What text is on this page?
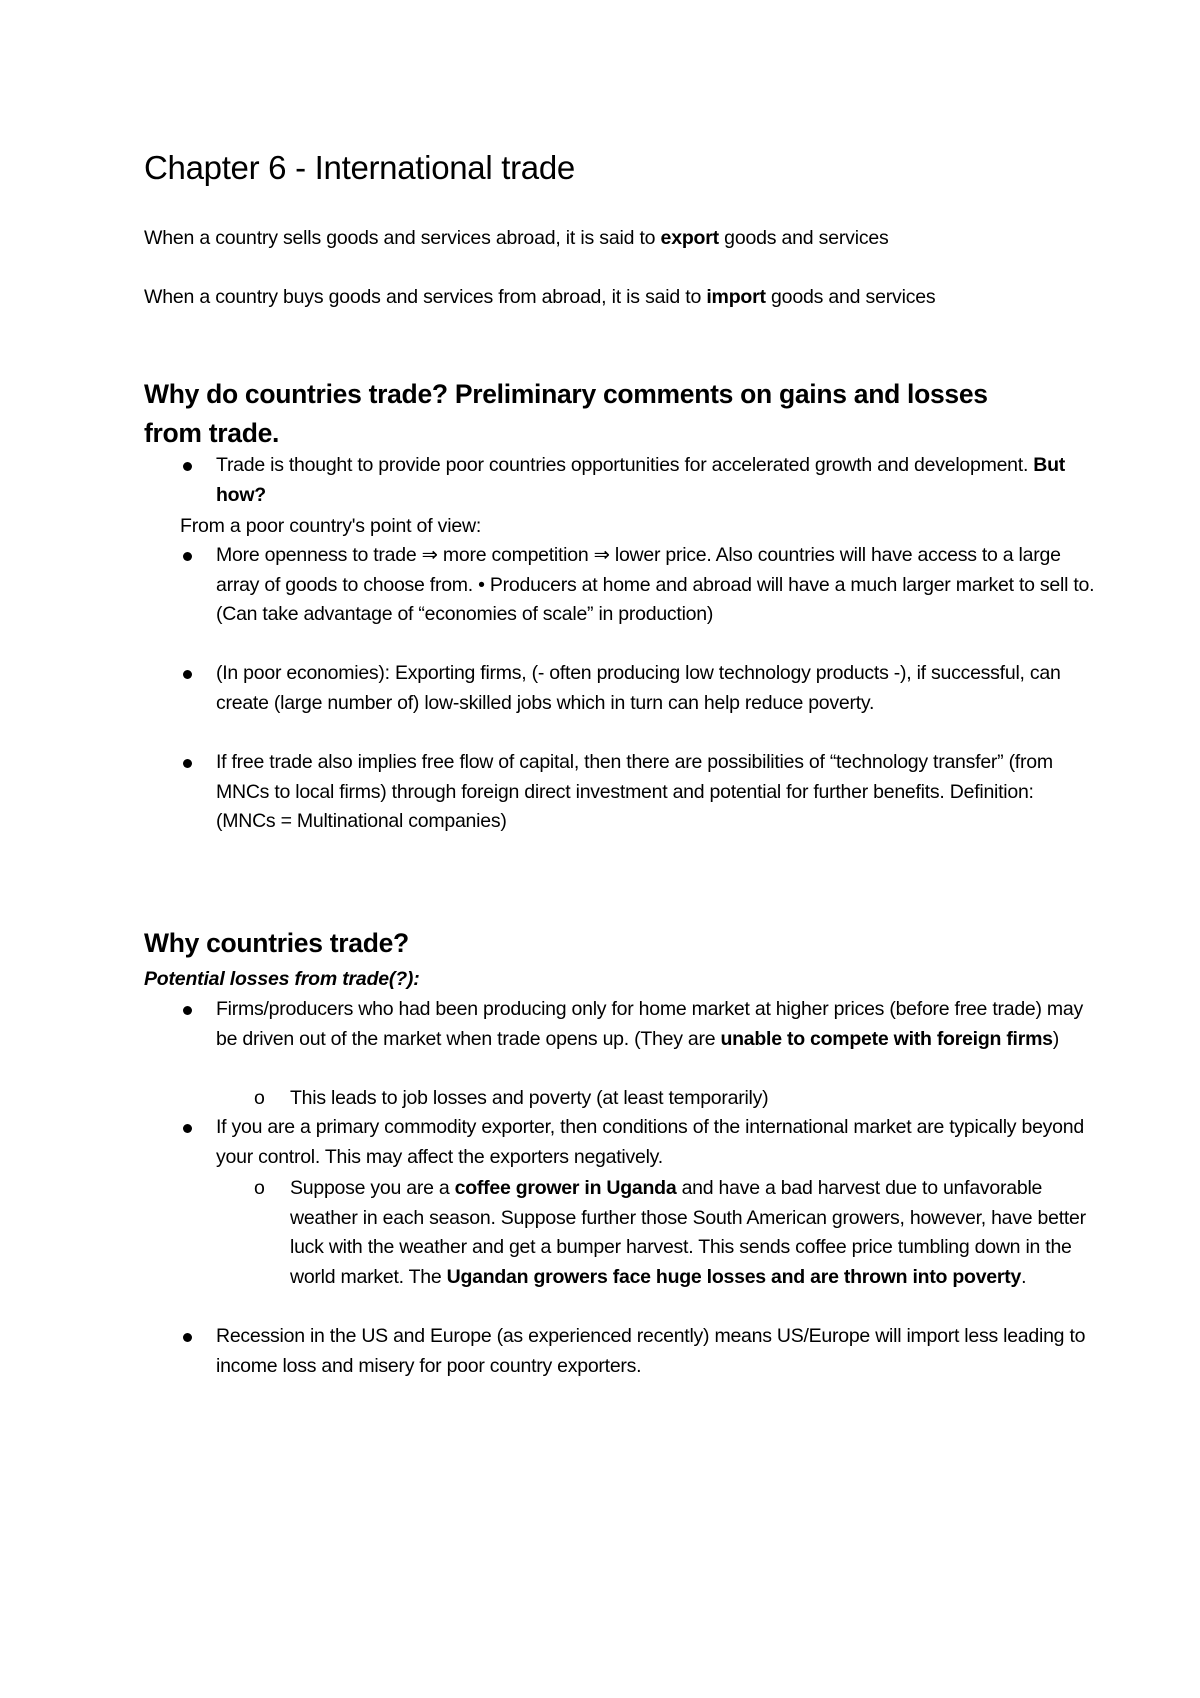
Chapter 6 - International trade

When a country sells goods and services abroad, it is said to export goods and services

When a country buys goods and services from abroad, it is said to import goods and services

Why do countries trade? Preliminary comments on gains and losses
from trade.

Trade is thought to provide poor countries opportunities for accelerated growth and development. But how?

From a poor country's point of view:

More openness to trade ⇒ more competition ⇒ lower price. Also countries will have access to a large array of goods to choose from. • Producers at home and abroad will have a much larger market to sell to. (Can take advantage of “economies of scale” in production)

(In poor economies): Exporting firms, (- often producing low technology products -), if successful, can create (large number of) low-skilled jobs which in turn can help reduce poverty.

If free trade also implies free flow of capital, then there are possibilities of “technology transfer” (from MNCs to local firms) through foreign direct investment and potential for further benefits. Definition: (MNCs = Multinational companies)

Why countries trade?

Potential losses from trade(?):

Firms/producers who had been producing only for home market at higher prices (before free trade) may be driven out of the market when trade opens up. (They are unable to compete with foreign firms)

o This leads to job losses and poverty (at least temporarily)

If you are a primary commodity exporter, then conditions of the international market are typically beyond your control. This may affect the exporters negatively.

o Suppose you are a coffee grower in Uganda and have a bad harvest due to unfavorable weather in each season. Suppose further those South American growers, however, have better luck with the weather and get a bumper harvest. This sends coffee price tumbling down in the world market. The Ugandan growers face huge losses and are thrown into poverty.

Recession in the US and Europe (as experienced recently) means US/Europe will import less leading to income loss and misery for poor country exporters.
